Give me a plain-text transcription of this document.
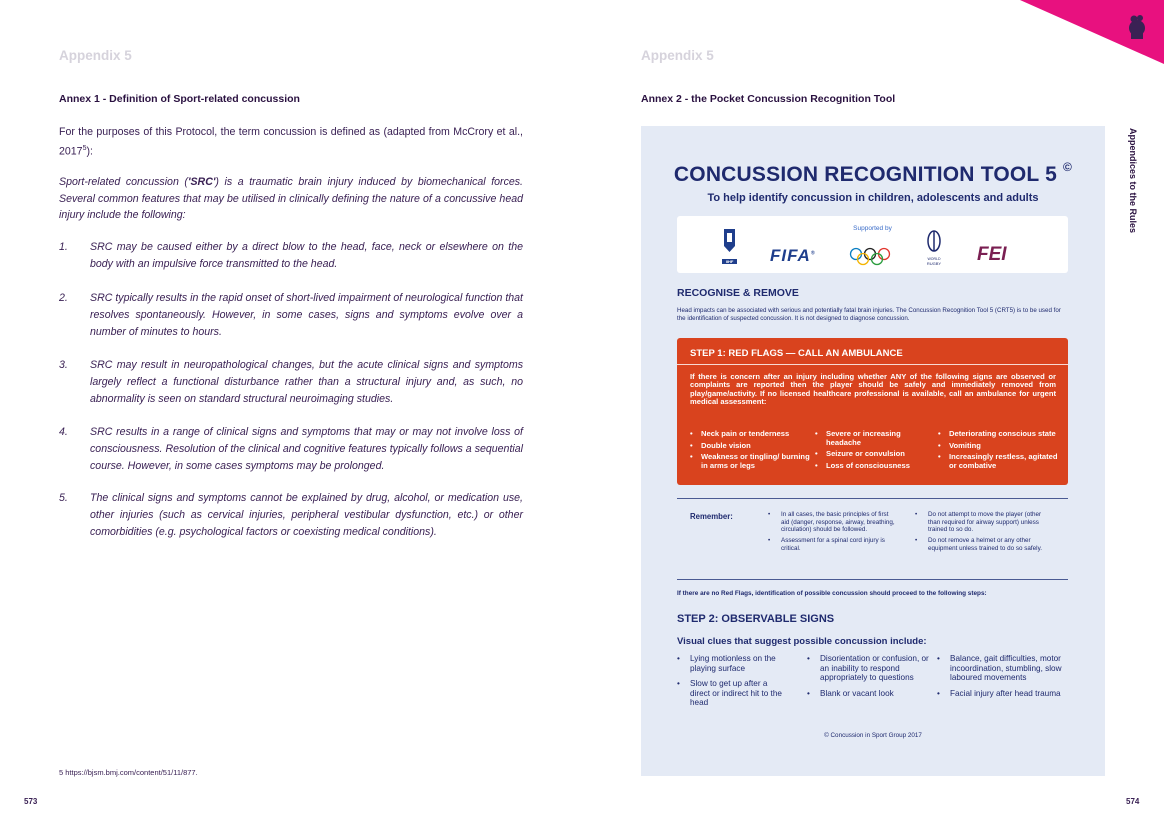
Appendix 5
Annex 1 - Definition of Sport-related concussion
For the purposes of this Protocol, the term concussion is defined as (adapted from McCrory et al., 2017$^5$):
Sport-related concussion ('SRC') is a traumatic brain injury induced by biomechanical forces. Several common features that may be utilised in clinically defining the nature of a concussive head injury include the following:
1. SRC may be caused either by a direct blow to the head, face, neck or elsewhere on the body with an impulsive force transmitted to the head.
2. SRC typically results in the rapid onset of short-lived impairment of neurological function that resolves spontaneously. However, in some cases, signs and symptoms evolve over a number of minutes to hours.
3. SRC may result in neuropathological changes, but the acute clinical signs and symptoms largely reflect a functional disturbance rather than a structural injury and, as such, no abnormality is seen on standard structural neuroimaging studies.
4. SRC results in a range of clinical signs and symptoms that may or may not involve loss of consciousness. Resolution of the clinical and cognitive features typically follows a sequential course. However, in some cases symptoms may be prolonged.
5. The clinical signs and symptoms cannot be explained by drug, alcohol, or medication use, other injuries (such as cervical injuries, peripheral vestibular dysfunction, etc.) or other comorbidities (e.g. psychological factors or coexisting medical conditions).
5 https://bjsm.bmj.com/content/51/11/877.
573
Appendix 5
Annex 2 - the Pocket Concussion Recognition Tool
Appendices to the Rules
574
CONCUSSION RECOGNITION TOOL 5 ©
To help identify concussion in children, adolescents and adults
Supported by
IIHF FIFA®
WORLD
RUGBY	FEI
RECOGNISE & REMOVE
Head impacts can be associated with serious and potentially fatal brain injuries. The Concussion Recognition Tool 5 (CRT5) is to be used for the identification of suspected concussion. It is not designed to diagnose concussion.
STEP 1: RED FLAGS — CALL AN AMBULANCE
If there is concern after an injury including whether ANY of the following signs are observed or complaints are reported then the player should be safely and immediately removed from play/game/activity. If no licensed healthcare professional is available, call an ambulance for urgent medical assessment:
• Neck pain or tenderness
• Double vision
• Weakness or tingling/ burning in arms or legs
• Severe or increasing headache
• Seizure or convulsion
• Loss of consciousness
• Deteriorating conscious state
• Vomiting
• Increasingly restless, agitated or combative
Remember:
•	In all cases, the basic principles of first aid (danger, response, airway, breathing, circulation) should be followed.
• Assessment for a spinal cord injury is critical.
• Do not attempt to move the player (other than required for airway support) unless trained to so do.
• Do not remove a helmet or any other equipment unless trained to do so safely.
If there are no Red Flags, identification of possible concussion should proceed to the following steps:
STEP 2: OBSERVABLE SIGNS
Visual clues that suggest possible concussion include:
• Lying motionless on the playing surface
• Slow to get up after a direct or indirect hit to the head
• Disorientation or confusion, or an inability to respond appropriately to questions
• Blank or vacant look
• Balance, gait difficulties, motor incoordination, stumbling, slow laboured movements
• Facial injury after head trauma
© Concussion in Sport Group 2017
